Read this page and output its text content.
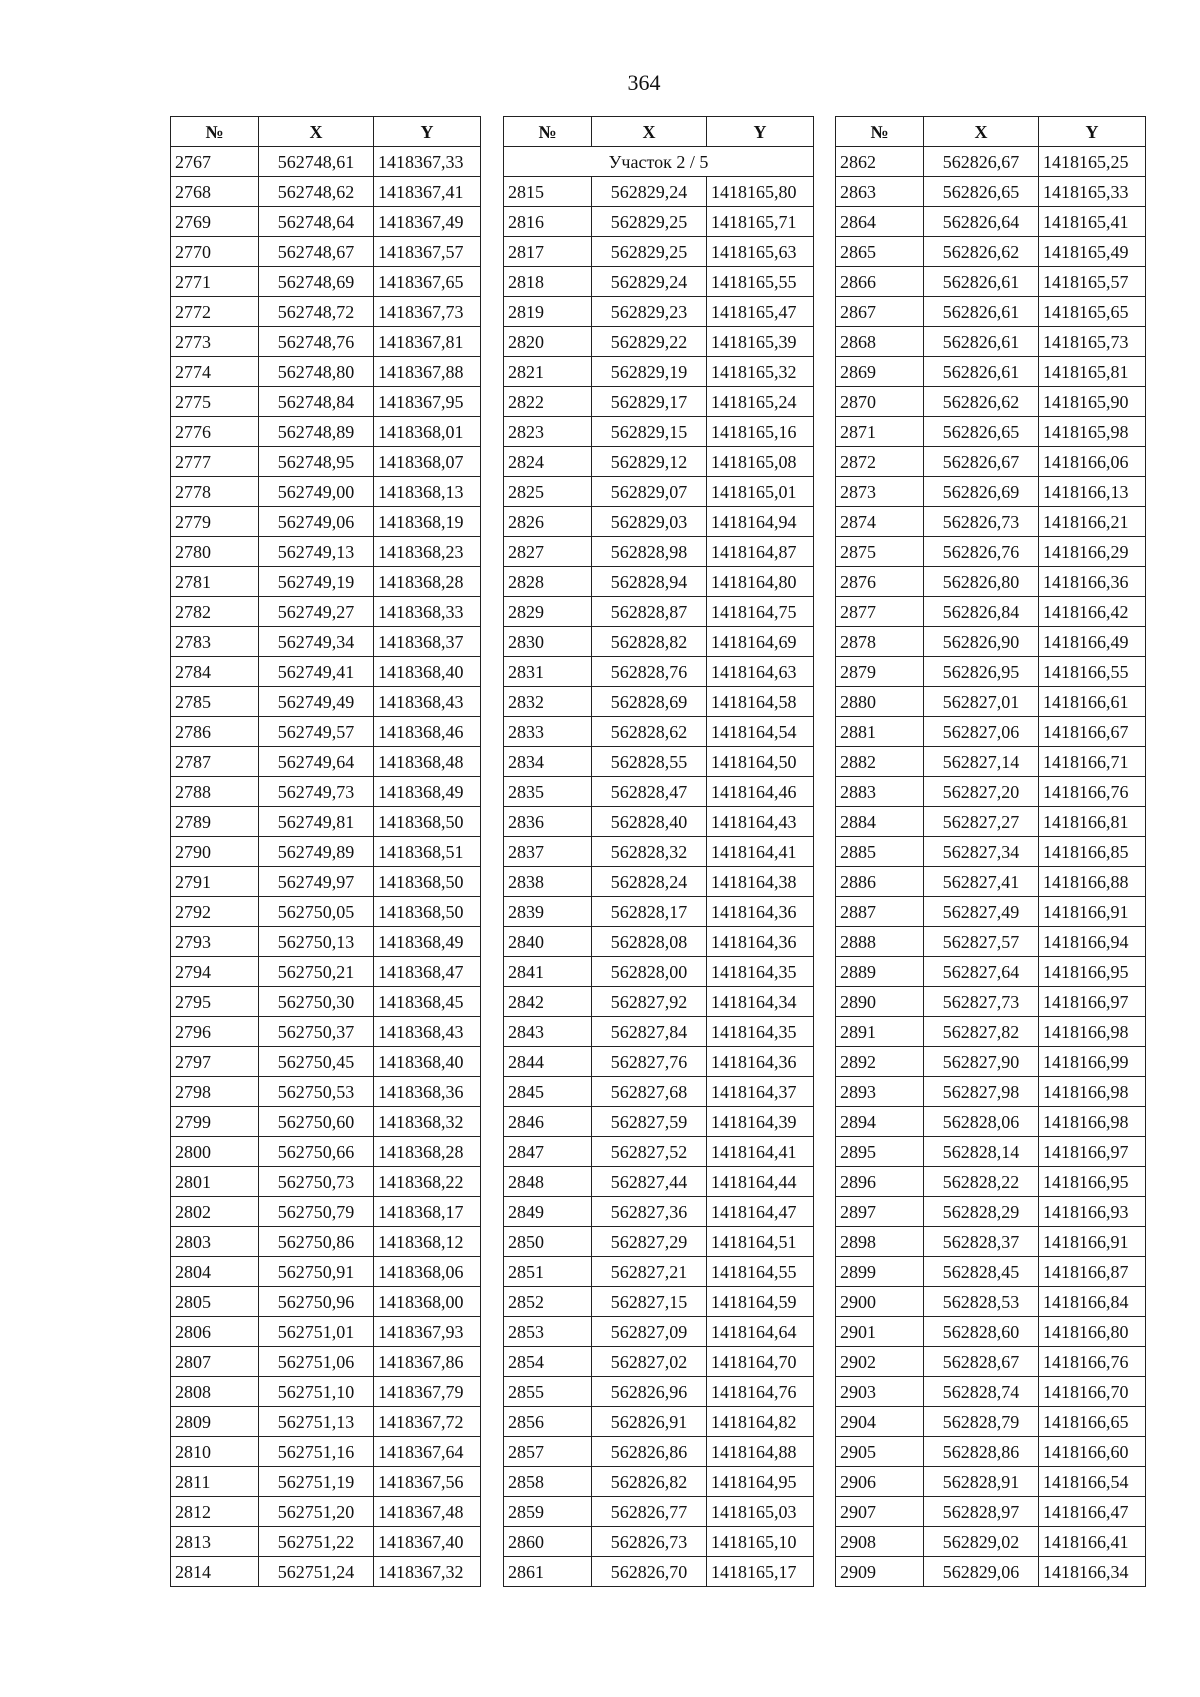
364
№	X	Y
2767	562748,61	1418367,33
2768	562748,62	1418367,41
2769	562748,64	1418367,49
2770	562748,67	1418367,57
2771	562748,69	1418367,65
2772	562748,72	1418367,73
2773	562748,76	1418367,81
2774	562748,80	1418367,88
2775	562748,84	1418367,95
2776	562748,89	1418368,01
2777	562748,95	1418368,07
2778	562749,00	1418368,13
2779	562749,06	1418368,19
2780	562749,13	1418368,23
2781	562749,19	1418368,28
2782	562749,27	1418368,33
2783	562749,34	1418368,37
2784	562749,41	1418368,40
2785	562749,49	1418368,43
2786	562749,57	1418368,46
2787	562749,64	1418368,48
2788	562749,73	1418368,49
2789	562749,81	1418368,50
2790	562749,89	1418368,51
2791	562749,97	1418368,50
2792	562750,05	1418368,50
2793	562750,13	1418368,49
2794	562750,21	1418368,47
2795	562750,30	1418368,45
2796	562750,37	1418368,43
2797	562750,45	1418368,40
2798	562750,53	1418368,36
2799	562750,60	1418368,32
2800	562750,66	1418368,28
2801	562750,73	1418368,22
2802	562750,79	1418368,17
2803	562750,86	1418368,12
2804	562750,91	1418368,06
2805	562750,96	1418368,00
2806	562751,01	1418367,93
2807	562751,06	1418367,86
2808	562751,10	1418367,79
2809	562751,13	1418367,72
2810	562751,16	1418367,64
2811	562751,19	1418367,56
2812	562751,20	1418367,48
2813	562751,22	1418367,40
2814	562751,24	1418367,32
№	X	Y
Участок 2 / 5		
2815	562829,24	1418165,80
2816	562829,25	1418165,71
2817	562829,25	1418165,63
2818	562829,24	1418165,55
2819	562829,23	1418165,47
2820	562829,22	1418165,39
2821	562829,19	1418165,32
2822	562829,17	1418165,24
2823	562829,15	1418165,16
2824	562829,12	1418165,08
2825	562829,07	1418165,01
2826	562829,03	1418164,94
2827	562828,98	1418164,87
2828	562828,94	1418164,80
2829	562828,87	1418164,75
2830	562828,82	1418164,69
2831	562828,76	1418164,63
2832	562828,69	1418164,58
2833	562828,62	1418164,54
2834	562828,55	1418164,50
2835	562828,47	1418164,46
2836	562828,40	1418164,43
2837	562828,32	1418164,41
2838	562828,24	1418164,38
2839	562828,17	1418164,36
2840	562828,08	1418164,36
2841	562828,00	1418164,35
2842	562827,92	1418164,34
2843	562827,84	1418164,35
2844	562827,76	1418164,36
2845	562827,68	1418164,37
2846	562827,59	1418164,39
2847	562827,52	1418164,41
2848	562827,44	1418164,44
2849	562827,36	1418164,47
2850	562827,29	1418164,51
2851	562827,21	1418164,55
2852	562827,15	1418164,59
2853	562827,09	1418164,64
2854	562827,02	1418164,70
2855	562826,96	1418164,76
2856	562826,91	1418164,82
2857	562826,86	1418164,88
2858	562826,82	1418164,95
2859	562826,77	1418165,03
2860	562826,73	1418165,10
2861	562826,70	1418165,17
№	X	Y
2862	562826,67	1418165,25
2863	562826,65	1418165,33
2864	562826,64	1418165,41
2865	562826,62	1418165,49
2866	562826,61	1418165,57
2867	562826,61	1418165,65
2868	562826,61	1418165,73
2869	562826,61	1418165,81
2870	562826,62	1418165,90
2871	562826,65	1418165,98
2872	562826,67	1418166,06
2873	562826,69	1418166,13
2874	562826,73	1418166,21
2875	562826,76	1418166,29
2876	562826,80	1418166,36
2877	562826,84	1418166,42
2878	562826,90	1418166,49
2879	562826,95	1418166,55
2880	562827,01	1418166,61
2881	562827,06	1418166,67
2882	562827,14	1418166,71
2883	562827,20	1418166,76
2884	562827,27	1418166,81
2885	562827,34	1418166,85
2886	562827,41	1418166,88
2887	562827,49	1418166,91
2888	562827,57	1418166,94
2889	562827,64	1418166,95
2890	562827,73	1418166,97
2891	562827,82	1418166,98
2892	562827,90	1418166,99
2893	562827,98	1418166,98
2894	562828,06	1418166,98
2895	562828,14	1418166,97
2896	562828,22	1418166,95
2897	562828,29	1418166,93
2898	562828,37	1418166,91
2899	562828,45	1418166,87
2900	562828,53	1418166,84
2901	562828,60	1418166,80
2902	562828,67	1418166,76
2903	562828,74	1418166,70
2904	562828,79	1418166,65
2905	562828,86	1418166,60
2906	562828,91	1418166,54
2907	562828,97	1418166,47
2908	562829,02	1418166,41
2909	562829,06	1418166,34
